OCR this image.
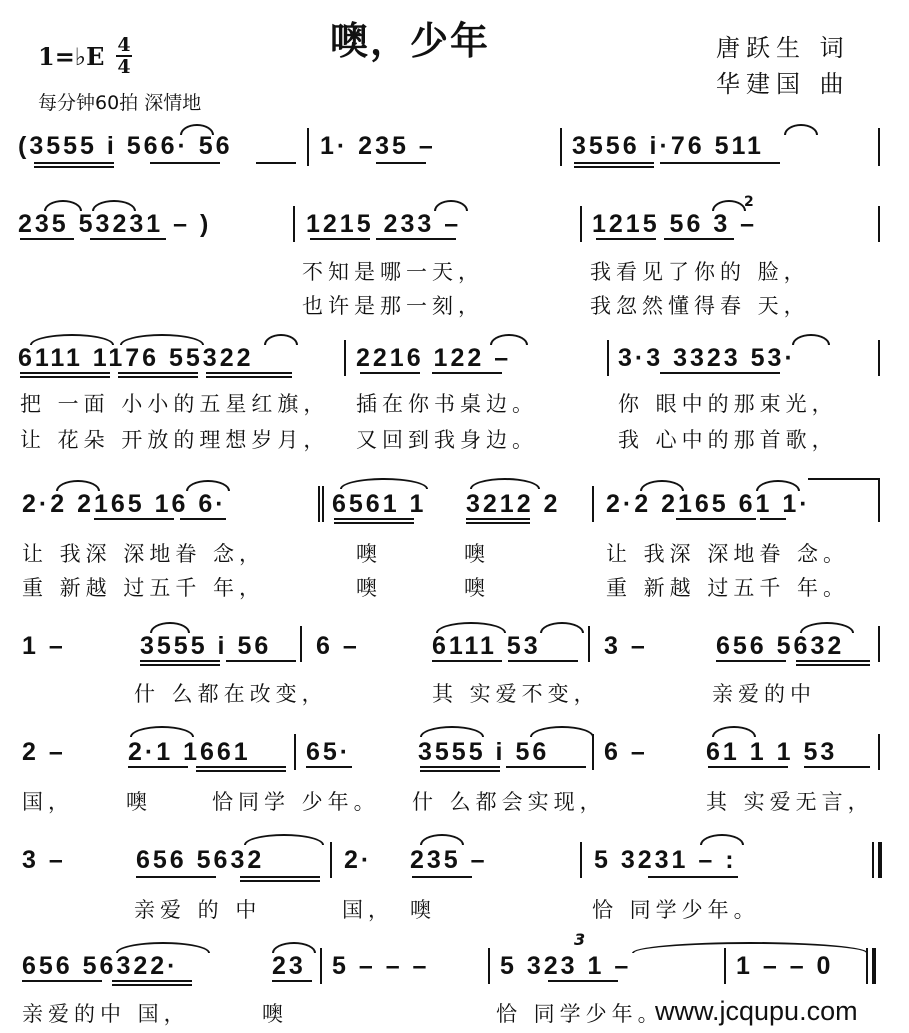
噢，少年
1=♭E 4
4
每分钟60拍 深情地
唐跃生 词
华建国 曲
(3555 i 566· 56	1· 235 –	3556 i·76 511
235 53231 – )	1215 233 –	1215 56 3 –
2
不知是哪一天，	我看见了你的 脸，
也许是那一刻，	我忽然懂得春 天，
6111 1176 55322	2216 122 –	3·3 3323 53·
把 一面 小小的五星红旗， 插在你书桌边。	你 眼中的那束光，
让 花朵 开放的理想岁月， 又回到我身边。	我 心中的那首歌，
2·2 2165 16 6·	6561 1 3212 2 2·2 2165 61 1·
让 我深 深地眷 念，	噢	噢	让 我深 深地眷 念。
重 新越 过五千 年，	噢	噢	重 新越 过五千 年。
1 –	3555 i 56 6 –	6111 53	3 –	656 5632
什 么都在改变，	其 实爱不变，	亲爱的中
2 – 2·1 1661 65·	3555 i 56 6 – 61 1 1 53
国， 噢	恰同学 少年。 什 么都会实现，	其 实爱无言，
3 –	656 5632	2· 235 –	5 3231 – :
亲爱 的 中	国， 噢	恰 同学少年。
656 56322·	23 5 – – –	5 323 1 –	1 – – 0
3
亲爱的中 国，	噢	恰 同学少年。
www.jcqupu.com
